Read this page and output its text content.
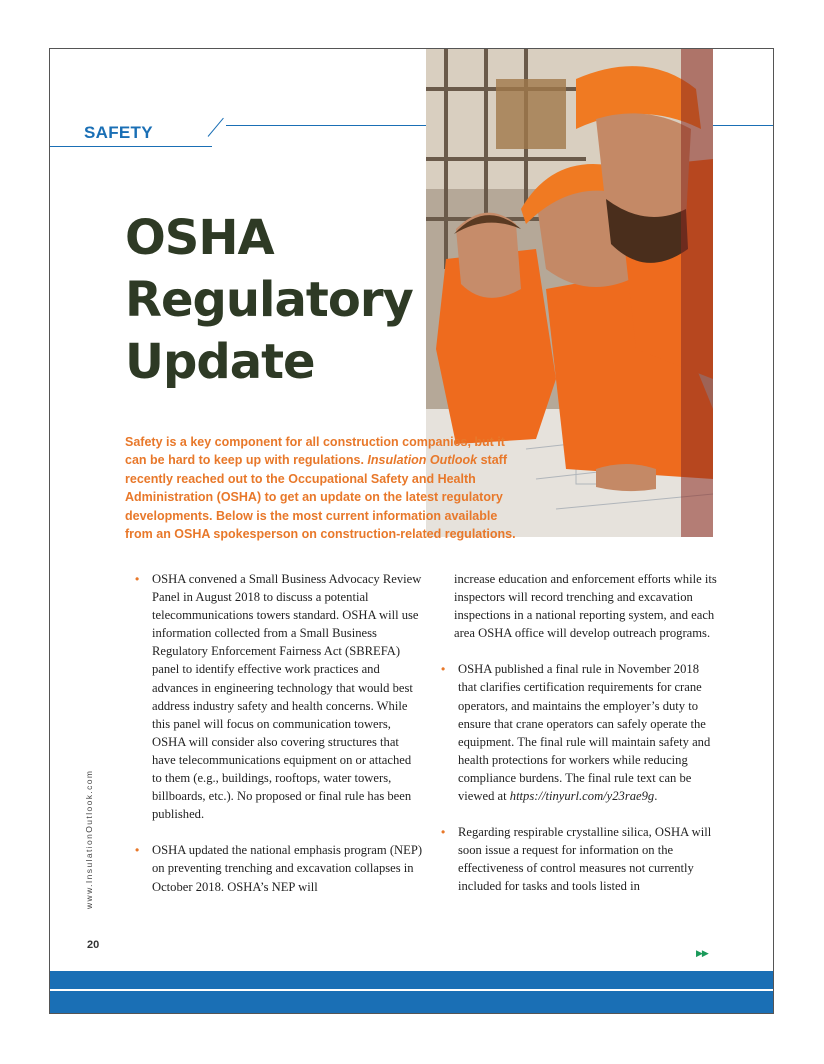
SAFETY
OSHA
Regulatory
Update
Safety is a key component for all construction companies, but it can be hard to keep up with regulations. Insulation Outlook staff recently reached out to the Occupational Safety and Health Administration (OSHA) to get an update on the latest regulatory developments. Below is the most current information available from an OSHA spokesperson on construction-related regulations.
• OSHA convened a Small Business Advocacy Review Panel in August 2018 to discuss a potential telecommunications towers standard. OSHA will use information collected from a Small Business Regulatory Enforcement Fairness Act (SBREFA) panel to identify effective work practices and advances in engineering technology that would best address industry safety and health concerns. While this panel will focus on communication towers, OSHA will consider also covering structures that have telecommunications equipment on or attached to them (e.g., buildings, rooftops, water towers, billboards, etc.). No proposed or final rule has been published.
• OSHA updated the national emphasis program (NEP) on preventing trenching and excavation collapses in October 2018. OSHA’s NEP will
increase education and enforcement efforts while its inspectors will record trenching and excavation inspections in a national reporting system, and each area OSHA office will develop outreach programs.
• OSHA published a final rule in November 2018 that clarifies certification requirements for crane operators, and maintains the employer’s duty to ensure that crane operators can safely operate the equipment. The final rule will maintain safety and health protections for workers while reducing compliance burdens. The final rule text can be viewed at https://tinyurl.com/y23rae9g.
• Regarding respirable crystalline silica, OSHA will soon issue a request for information on the effectiveness of control measures not currently included for tasks and tools listed in
www.InsulationOutlook.com
20
▶▶
